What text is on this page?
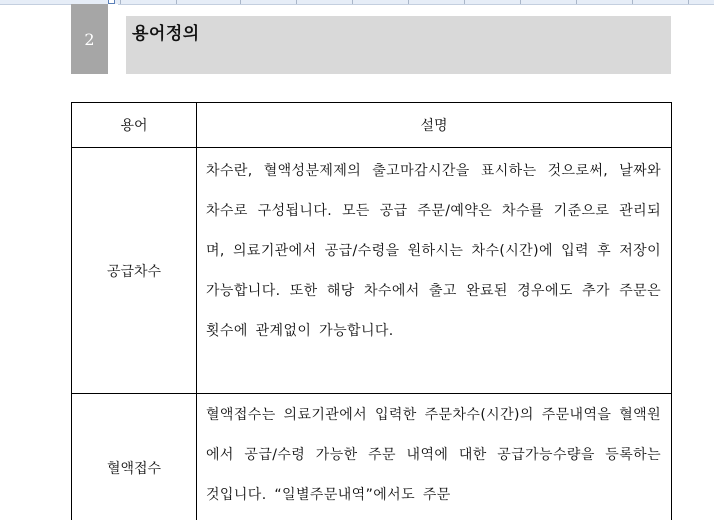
2	용어정의
용어	설명
공급차수	차수란, 혈액성분제제의 출고마감시간을 표시하는 것으로써, 날짜와 차수로 구성됩니다. 모든 공급 주문/예약은 차수를 기준으로 관리되며, 의료기관에서 공급/수령을 원하시는 차수(시간)에 입력 후 저장이 가능합니다. 또한 해당 차수에서 출고 완료된 경우에도 추가 주문은 횟수에 관계없이 가능합니다.

혈액접수	혈액접수는 의료기관에서 입력한 주문차수(시간)의 주문내역을 혈액원에서 공급/수령 가능한 주문 내역에 대한 공급가능수량을 등록하는 것입니다. “일별주문내역”에서도 주문
